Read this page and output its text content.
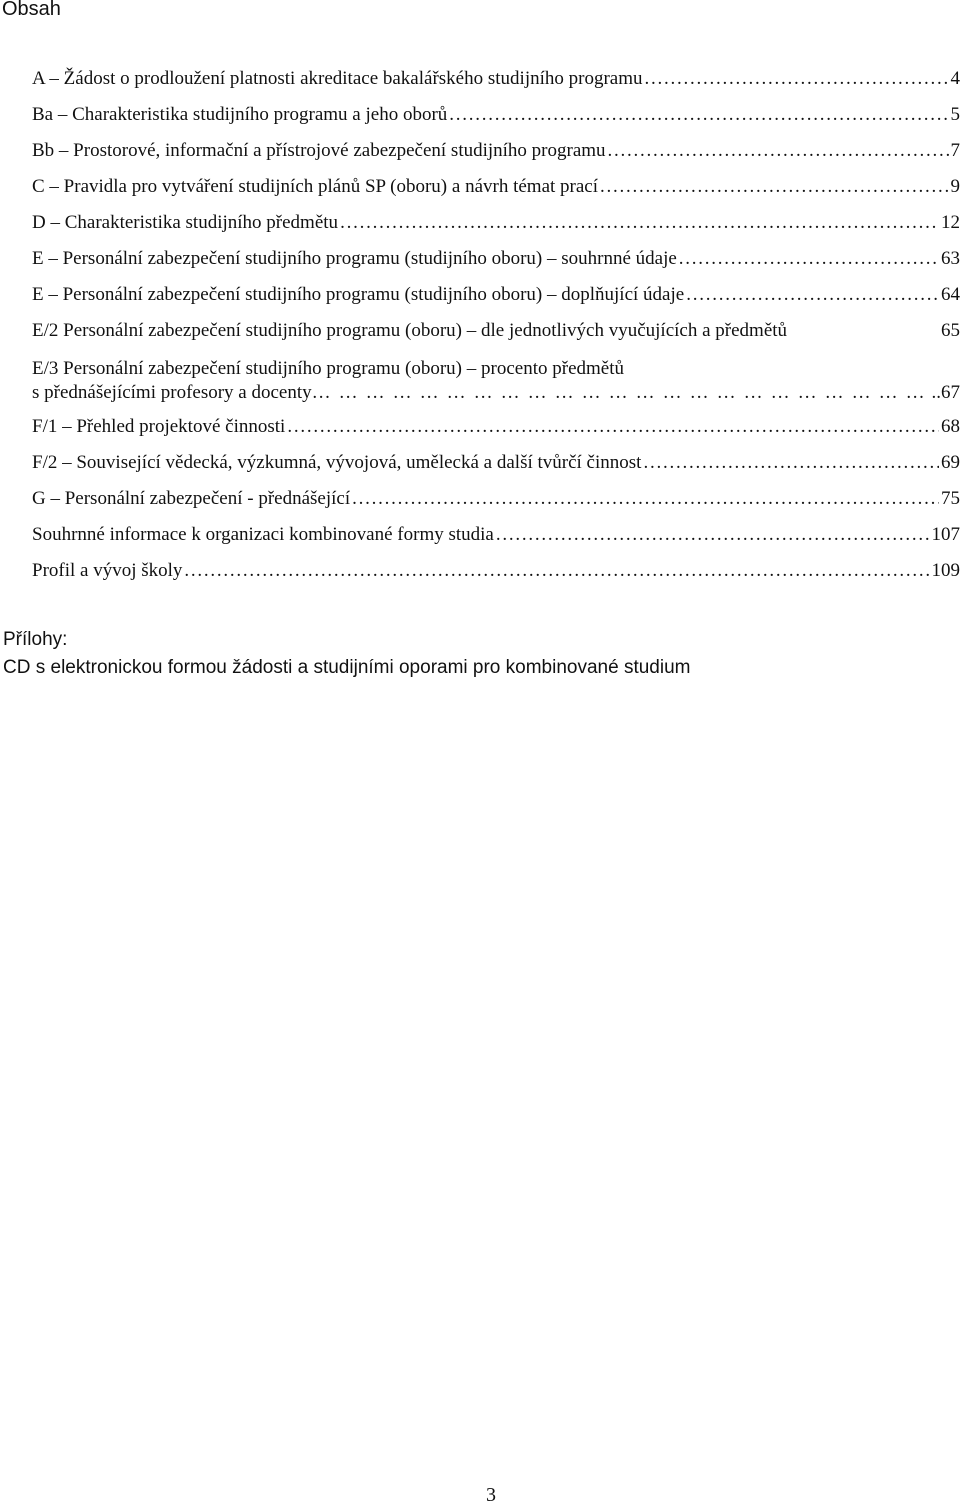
Obsah
A – Žádost o prodloužení platnosti akreditace bakalářského studijního programu . . .	4
Ba – Charakteristika studijního programu a jeho oborů . . .	5
Bb – Prostorové, informační a přístrojové zabezpečení studijního programu . . .	7
C – Pravidla pro vytváření studijních plánů SP (oboru) a návrh témat prací . . .	9
D – Charakteristika studijního předmětu . . .	12
E – Personální zabezpečení studijního programu (studijního oboru) – souhrnné údaje . . .	63
E – Personální zabezpečení studijního programu (studijního oboru) – doplňující údaje . . .	64
E/2 Personální zabezpečení studijního programu (oboru) – dle jednotlivých vyučujících a předmětů	65
E/3 Personální zabezpečení studijního programu (oboru) – procento předmětů
s přednášejícími profesory a docenty …………………………………………………………………………………………………………………	..67
F/1 – Přehled projektové činnosti . . .	68
F/2 – Související vědecká, výzkumná, vývojová, umělecká a další tvůrčí činnost . . .	69
G – Personální zabezpečení - přednášející . . .	75
Souhrnné informace k organizaci kombinované formy studia . . .	107
Profil a vývoj školy . . .	109
Přílohy:
CD s elektronickou formou žádosti a studijními oporami pro kombinované studium
3
